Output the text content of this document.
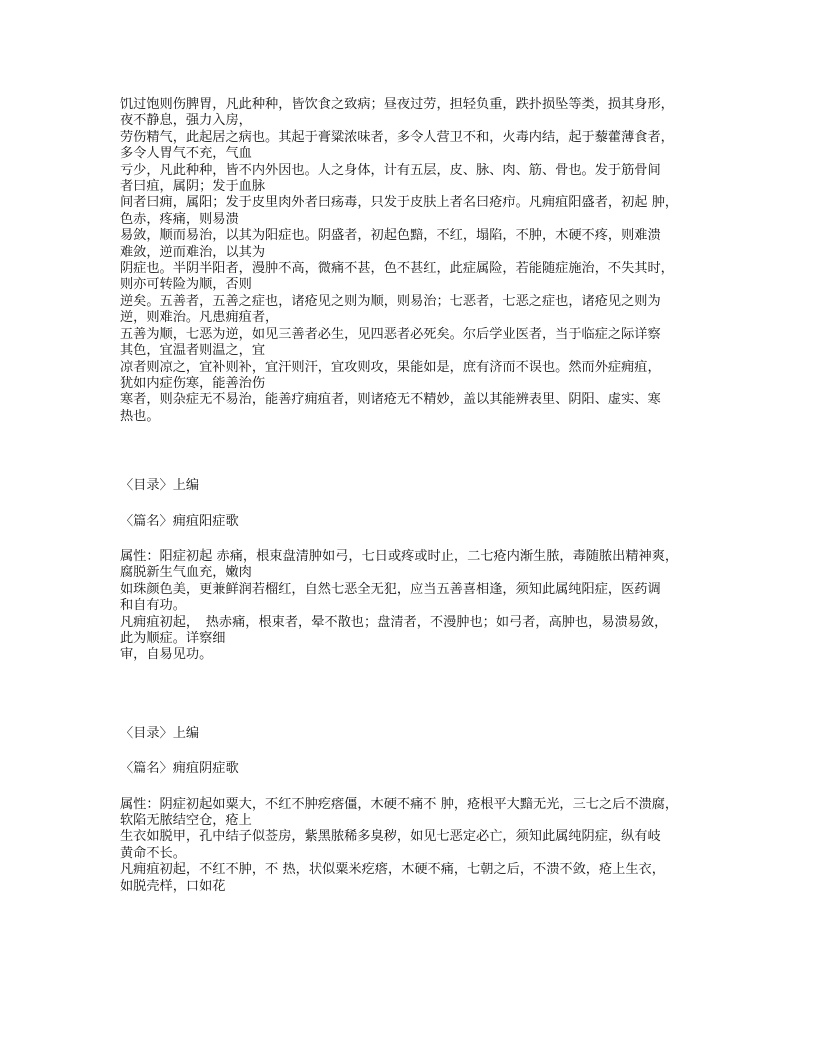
饥过饱则伤脾胃，凡此种种，皆饮食之致病；昼夜过劳，担轻负重，跌扑损坠等类，损其身形，
夜不静息，强力入房，
劳伤精气，此起居之病也。其起于膏粱浓味者，多令人营卫不和，火毒内结，起于藜藿薄食者，
多令人胃气不充，气血
亏少，凡此种种，皆不内外因也。人之身体，计有五层，皮、脉、肉、筋、骨也。发于筋骨间
者曰疽，属阴；发于血脉
间者曰痈，属阳；发于皮里肉外者曰疡毒，只发于皮肤上者名曰疮疖。凡痈疽阳盛者，初起 肿，
色赤，疼痛，则易溃
易敛，顺而易治，以其为阳症也。阴盛者，初起色黯，不红，塌陷，不肿，木硬不疼，则难溃
难敛，逆而难治，以其为
阴症也。半阴半阳者，漫肿不高，微痛不甚，色不甚红，此症属险，若能随症施治，不失其时，
则亦可转险为顺，否则
逆矣。五善者，五善之症也，诸疮见之则为顺，则易治；七恶者，七恶之症也，诸疮见之则为
逆，则难治。凡患痈疽者，
五善为顺，七恶为逆，如见三善者必生，见四恶者必死矣。尔后学业医者，当于临症之际详察
其色，宜温者则温之，宜
凉者则凉之，宜补则补，宜汗则汗，宜攻则攻，果能如是，庶有济而不误也。然而外症痈疽，
犹如内症伤寒，能善治伤
寒者，则杂症无不易治，能善疗痈疽者，则诸疮无不精妙，盖以其能辨表里、阴阳、虚实、寒
热也。
〈目录〉上编
〈篇名〉痈疽阳症歌
属性：阳症初起 赤痛，根束盘清肿如弓，七日或疼或时止，二七疮内渐生脓，毒随脓出精神爽，
腐脱新生气血充，嫩肉
如珠颜色美，更兼鲜润若榴红，自然七恶全无犯，应当五善喜相逢，须知此属纯阳症，医药调
和自有功。
凡痈疽初起，　热赤痛，根束者，晕不散也；盘清者，不漫肿也；如弓者，高肿也，易溃易敛，
此为顺症。详察细
审，自易见功。
〈目录〉上编
〈篇名〉痈疽阴症歌
属性：阴症初起如粟大，不红不肿疙瘩僵，木硬不痛不 肿，疮根平大黯无光，三七之后不溃腐，
软陷无脓结空仓，疮上
生衣如脱甲，孔中结子似莶房，紫黑脓稀多臭秽，如见七恶定必亡，须知此属纯阴症，纵有岐
黄命不长。
凡痈疽初起，不红不肿，不 热，状似粟米疙瘩，木硬不痛，七朝之后，不溃不敛，疮上生衣，
如脱壳样，口如花
